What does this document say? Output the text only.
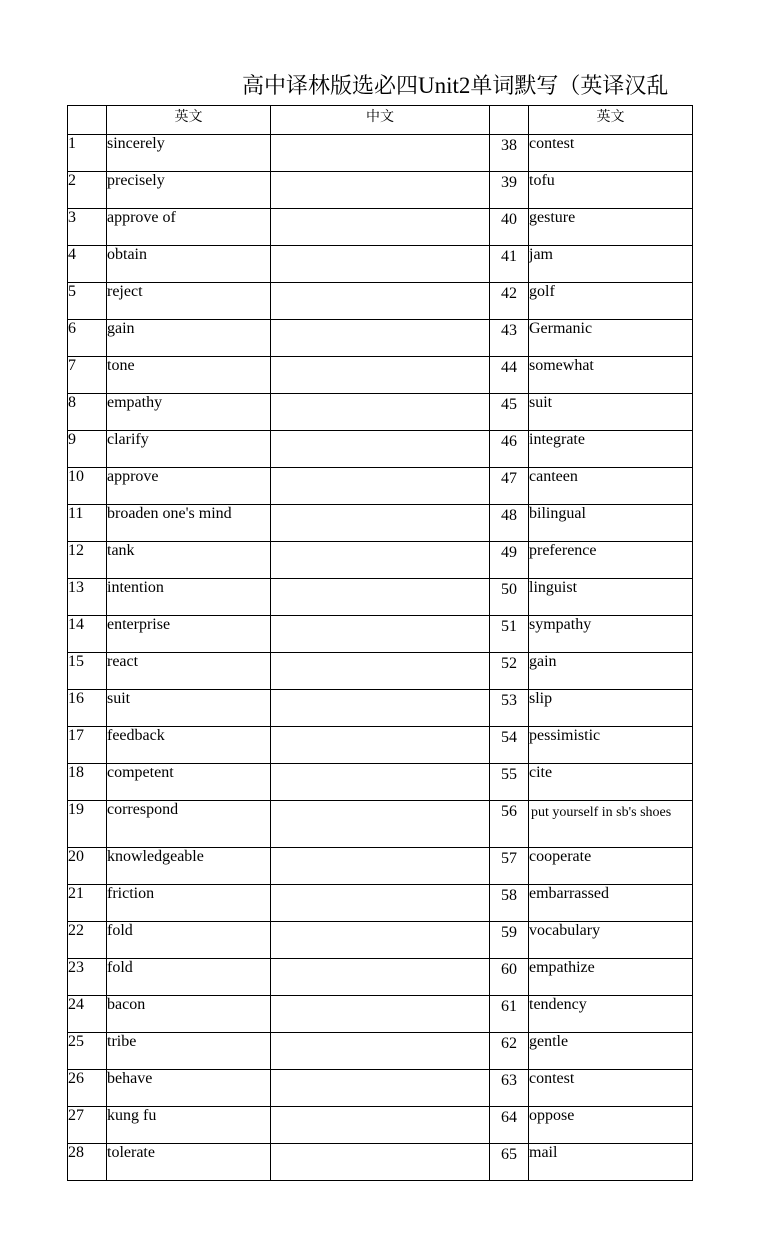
高中译林版选必四Unit2单词默写（英译汉乱
	英文	中文		英文
1	sincerely		38	contest
2	precisely		39	tofu
3	approve of		40	gesture
4	obtain		41	jam
5	reject		42	golf
6	gain		43	Germanic
7	tone		44	somewhat
8	empathy		45	suit
9	clarify		46	integrate
10	approve		47	canteen
11	broaden one's mind		48	bilingual
12	tank		49	preference
13	intention		50	linguist
14	enterprise		51	sympathy
15	react		52	gain
16	suit		53	slip
17	feedback		54	pessimistic
18	competent		55	cite
19	correspond		56	put yourself in sb's shoes
20	knowledgeable		57	cooperate
21	friction		58	embarrassed
22	fold		59	vocabulary
23	fold		60	empathize
24	bacon		61	tendency
25	tribe		62	gentle
26	behave		63	contest
27	kung fu		64	oppose
28	tolerate		65	mail
